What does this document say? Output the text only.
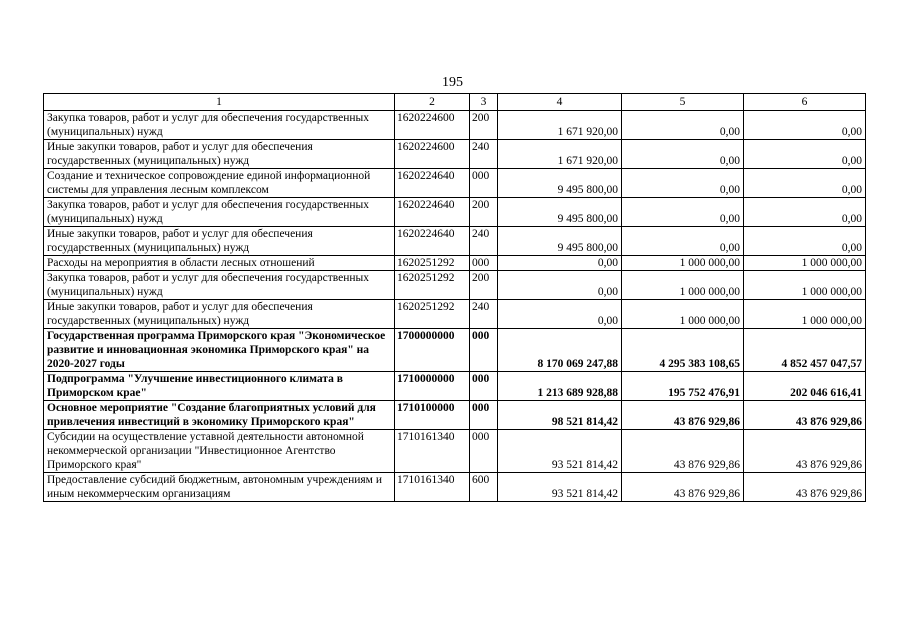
195
1	2	3	4	5	6
Закупка товаров, работ и услуг для обеспечения государственных (муниципальных) нужд	1620224600	200	1 671 920,00	0,00	0,00
Иные закупки товаров, работ и услуг для обеспечения государственных (муниципальных) нужд	1620224600	240	1 671 920,00	0,00	0,00
Создание и техническое сопровождение единой информационной системы для управления лесным комплексом	1620224640	000	9 495 800,00	0,00	0,00
Закупка товаров, работ и услуг для обеспечения государственных (муниципальных) нужд	1620224640	200	9 495 800,00	0,00	0,00
Иные закупки товаров, работ и услуг для обеспечения государственных (муниципальных) нужд	1620224640	240	9 495 800,00	0,00	0,00
Расходы на мероприятия в области лесных отношений	1620251292	000	0,00	1 000 000,00	1 000 000,00
Закупка товаров, работ и услуг для обеспечения государственных (муниципальных) нужд	1620251292	200	0,00	1 000 000,00	1 000 000,00
Иные закупки товаров, работ и услуг для обеспечения государственных (муниципальных) нужд	1620251292	240	0,00	1 000 000,00	1 000 000,00
Государственная программа Приморского края "Экономическое развитие и инновационная экономика Приморского края" на 2020-2027 годы	1700000000	000	8 170 069 247,88	4 295 383 108,65	4 852 457 047,57
Подпрограмма "Улучшение инвестиционного климата в Приморском крае"	1710000000	000	1 213 689 928,88	195 752 476,91	202 046 616,41
Основное мероприятие "Создание благоприятных условий для привлечения инвестиций в экономику Приморского края"	1710100000	000	98 521 814,42	43 876 929,86	43 876 929,86
Субсидии на осуществление уставной деятельности автономной некоммерческой организации "Инвестиционное Агентство Приморского края"	1710161340	000	93 521 814,42	43 876 929,86	43 876 929,86
Предоставление субсидий бюджетным, автономным учреждениям и иным некоммерческим организациям	1710161340	600	93 521 814,42	43 876 929,86	43 876 929,86
